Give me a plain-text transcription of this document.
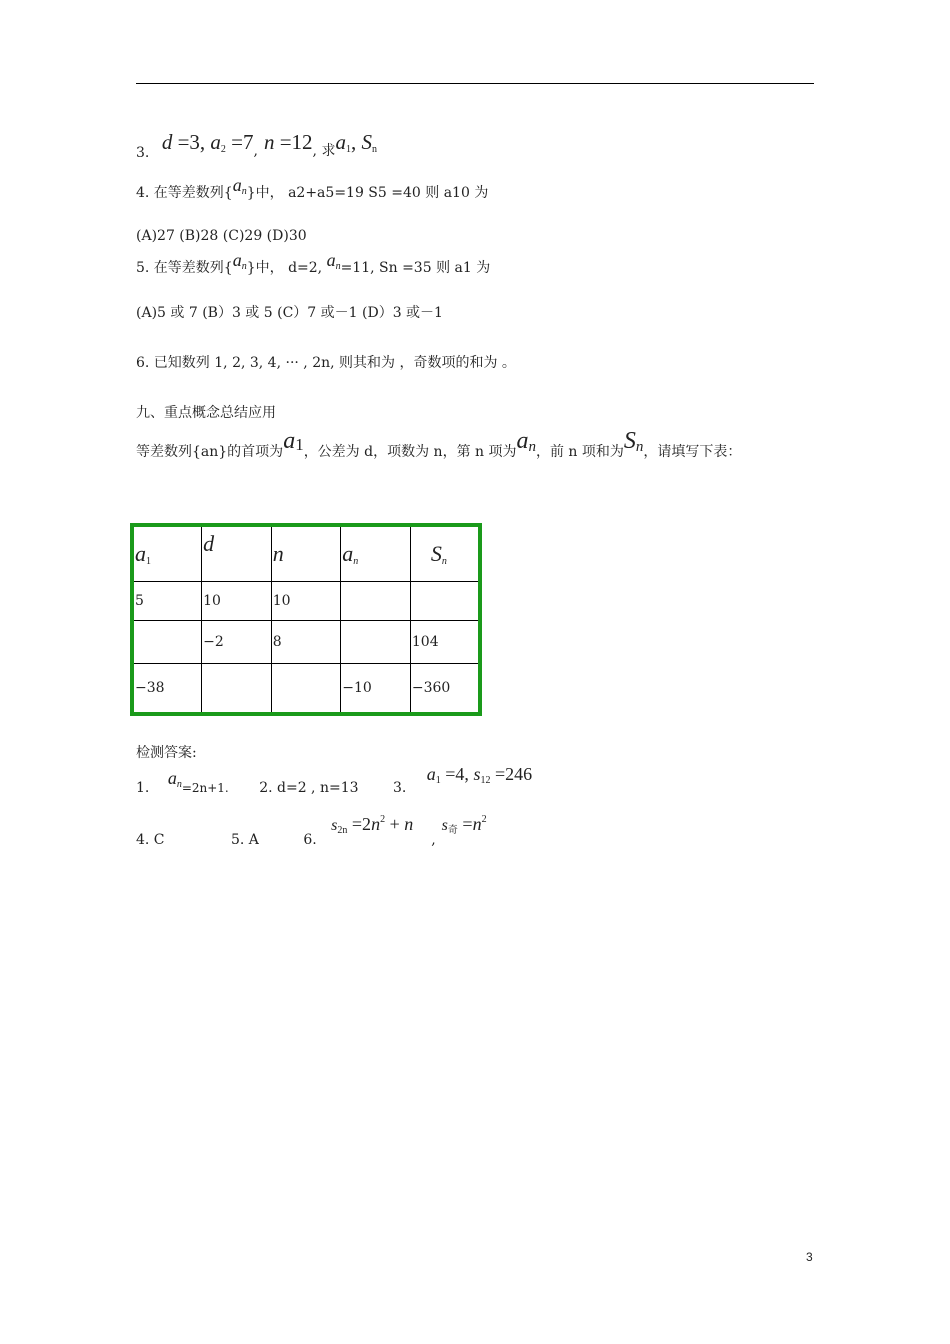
3. d =3, $a_2 =7$, n =12, 求$a_1$, $S_n$
4. 在等差数列$\{a_n\}$中， a2+a5=19 S5 =40 则 a10 为
(A)27 (B)28 (C)29 (D)30
5. 在等差数列$\{a_n\}$中， d=2, $a_n=11$, Sn =35 则 a1 为
(A)5 或 7 (B）3 或 5 (C）7 或－1 (D）3 或－1
6. 已知数列 1, 2, 3, 4, ··· , 2n, 则其和为 ，奇数项的和为 。
九、重点概念总结应用
等差数列{an}的首项为a1，公差为 d，项数为 n，第 n 项为an，前 n 项和为Sn，请填写下表：
$a_1$	d	n	$a_n$	$S_n$
5	10	10		
	−2	8		104
−38			−10	−360
检测答案:
1. $a_n=2n+1$. 2. d=2 , n=13 3. $a_1 =4$, $s_{12} =246$
4. C	5. A	6. $s_{2n} =2n^2 + n,s_奇 =n^2$
3
